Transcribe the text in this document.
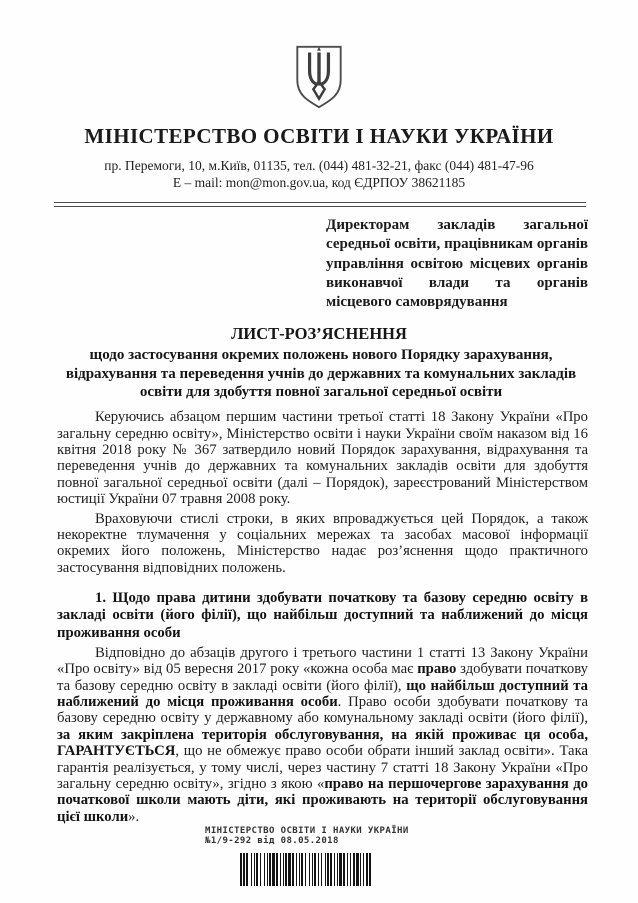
МІНІСТЕРСТВО ОСВІТИ І НАУКИ УКРАЇНИ
пр. Перемоги, 10, м.Київ, 01135, тел. (044) 481-32-21, факс (044) 481-47-96
Е – mail: mon@mon.gov.ua, код ЄДРПОУ 38621185
Директорам закладів загальної середньої освіти, працівникам органів управління освітою місцевих органів виконавчої влади та органів місцевого самоврядування
ЛИСТ-РОЗ’ЯСНЕННЯ
щодо застосування окремих положень нового Порядку зарахування, відрахування та переведення учнів до державних та комунальних закладів освіти для здобуття повної загальної середньої освіти

Керуючись абзацом першим частини третьої статті 18 Закону України «Про загальну середню освіту», Міністерство освіти і науки України своїм наказом від 16 квітня 2018 року № 367 затвердило новий Порядок зарахування, відрахування та переведення учнів до державних та комунальних закладів освіти для здобуття повної загальної середньої освіти (далі – Порядок), зареєстрований Міністерством юстиції України 07 травня 2008 року.

Враховуючи стислі строки, в яких впроваджується цей Порядок, а також некоректне тлумачення у соціальних мережах та засобах масової інформації окремих його положень, Міністерство надає роз’яснення щодо практичного застосування відповідних положень.

1. Щодо права дитини здобувати початкову та базову середню освіту в закладі освіти (його філії), що найбільш доступний та наближений до місця проживання особи

Відповідно до абзаців другого і третього частини 1 статті 13 Закону України «Про освіту» від 05 вересня 2017 року «кожна особа має право здобувати початкову та базову середню освіту в закладі освіти (його філії), що найбільш доступний та наближений до місця проживання особи. Право особи здобувати початкову та базову середню освіту у державному або комунальному закладі освіти (його філії), за яким закріплена територія обслуговування, на якій проживає ця особа, ГАРАНТУЄТЬСЯ, що не обмежує право особи обрати інший заклад освіти». Така гарантія реалізується, у тому числі, через частину 7 статті 18 Закону України «Про загальну середню освіту», згідно з якою «право на першочергове зарахування до початкової школи мають діти, які проживають на території обслуговування цієї школи».

МІНІСТЕРСТВО ОСВІТИ І НАУКИ УКРАЇНИ
№1/9-292 від 08.05.2018
